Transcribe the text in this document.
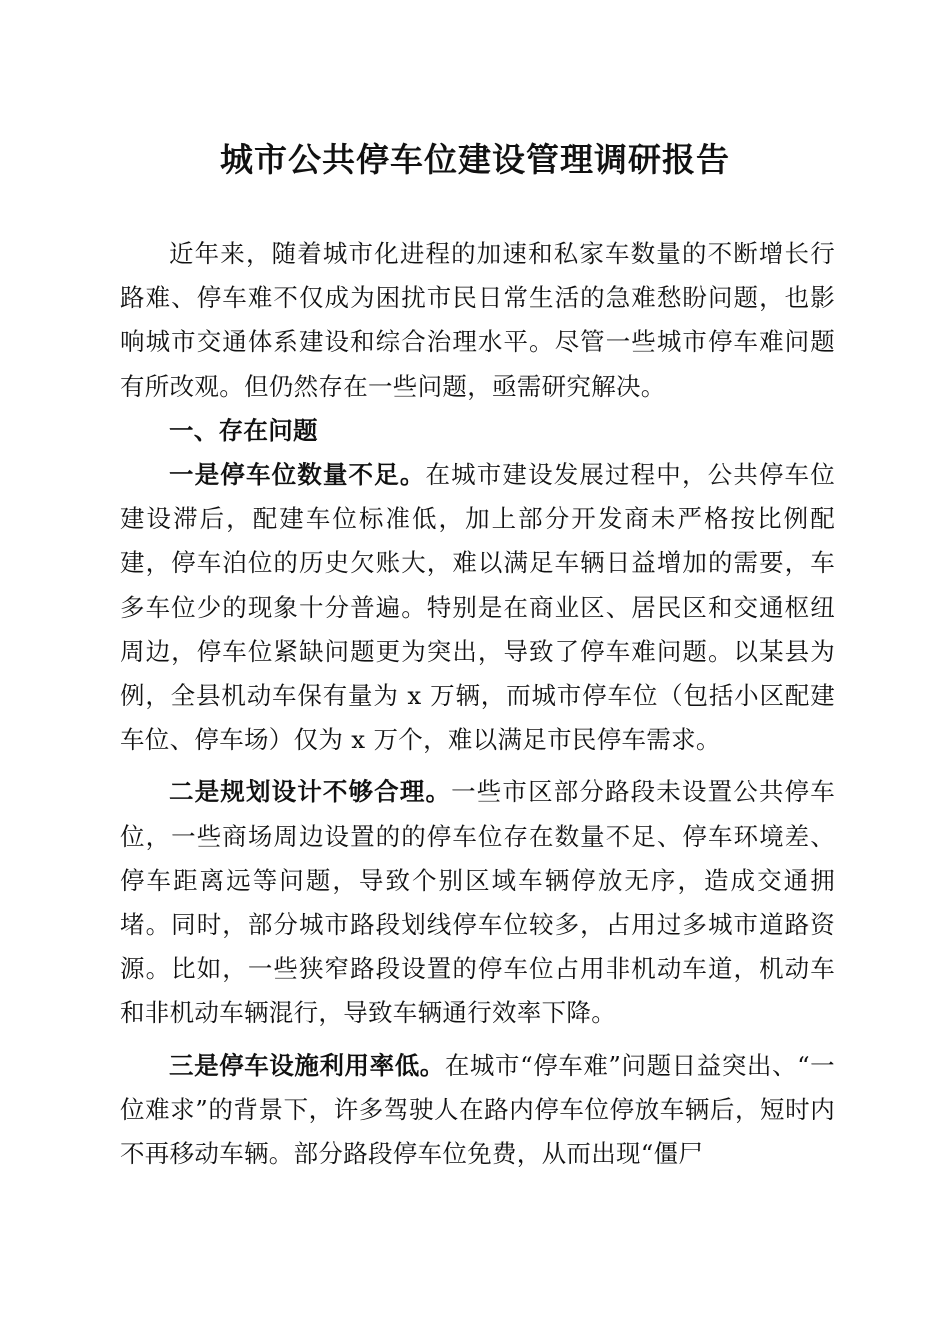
城市公共停车位建设管理调研报告

近年来，随着城市化进程的加速和私家车数量的不断增长行路难、停车难不仅成为困扰市民日常生活的急难愁盼问题，也影响城市交通体系建设和综合治理水平。尽管一些城市停车难问题有所改观。但仍然存在一些问题，亟需研究解决。

一、存在问题

一是停车位数量不足。在城市建设发展过程中，公共停车位建设滞后，配建车位标准低，加上部分开发商未严格按比例配建，停车泊位的历史欠账大，难以满足车辆日益增加的需要，车多车位少的现象十分普遍。特别是在商业区、居民区和交通枢纽周边，停车位紧缺问题更为突出，导致了停车难问题。以某县为例，全县机动车保有量为 x 万辆，而城市停车位（包括小区配建车位、停车场）仅为 x 万个，难以满足市民停车需求。

二是规划设计不够合理。一些市区部分路段未设置公共停车位，一些商场周边设置的的停车位存在数量不足、停车环境差、停车距离远等问题，导致个别区域车辆停放无序，造成交通拥堵。同时，部分城市路段划线停车位较多，占用过多城市道路资源。比如，一些狭窄路段设置的停车位占用非机动车道，机动车和非机动车辆混行，导致车辆通行效率下降。

三是停车设施利用率低。在城市“停车难”问题日益突出、“一位难求”的背景下，许多驾驶人在路内停车位停放车辆后，短时内不再移动车辆。部分路段停车位免费，从而出现“僵尸
